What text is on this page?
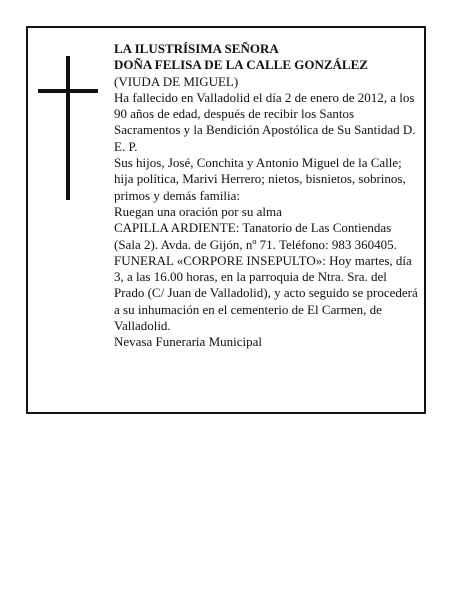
LA ILUSTRÍSIMA SEÑORA

DOÑA FELISA DE LA CALLE GONZÁLEZ

(VIUDA DE MIGUEL)

Ha fallecido en Valladolid el día 2 de enero de 2012, a los 90 años de edad, después de recibir los Santos Sacramentos y la Bendición Apostólica de Su Santidad D. E. P.

Sus hijos, José, Conchita y Antonio Miguel de la Calle; hija política, Marivi Herrero; nietos, bisnietos, sobrinos, primos y demás familia:

Ruegan una oración por su alma

CAPILLA ARDIENTE: Tanatorio de Las Contiendas (Sala 2). Avda. de Gijón, nº 71. Teléfono: 983 360405.

FUNERAL «CORPORE INSEPULTO»: Hoy martes, día 3, a las 16.00 horas, en la parroquia de Ntra. Sra. del Prado (C/ Juan de Valladolid), y acto seguido se procederá a su inhumación en el cementerio de El Carmen, de Valladolid.

Nevasa Funeraria Municipal
